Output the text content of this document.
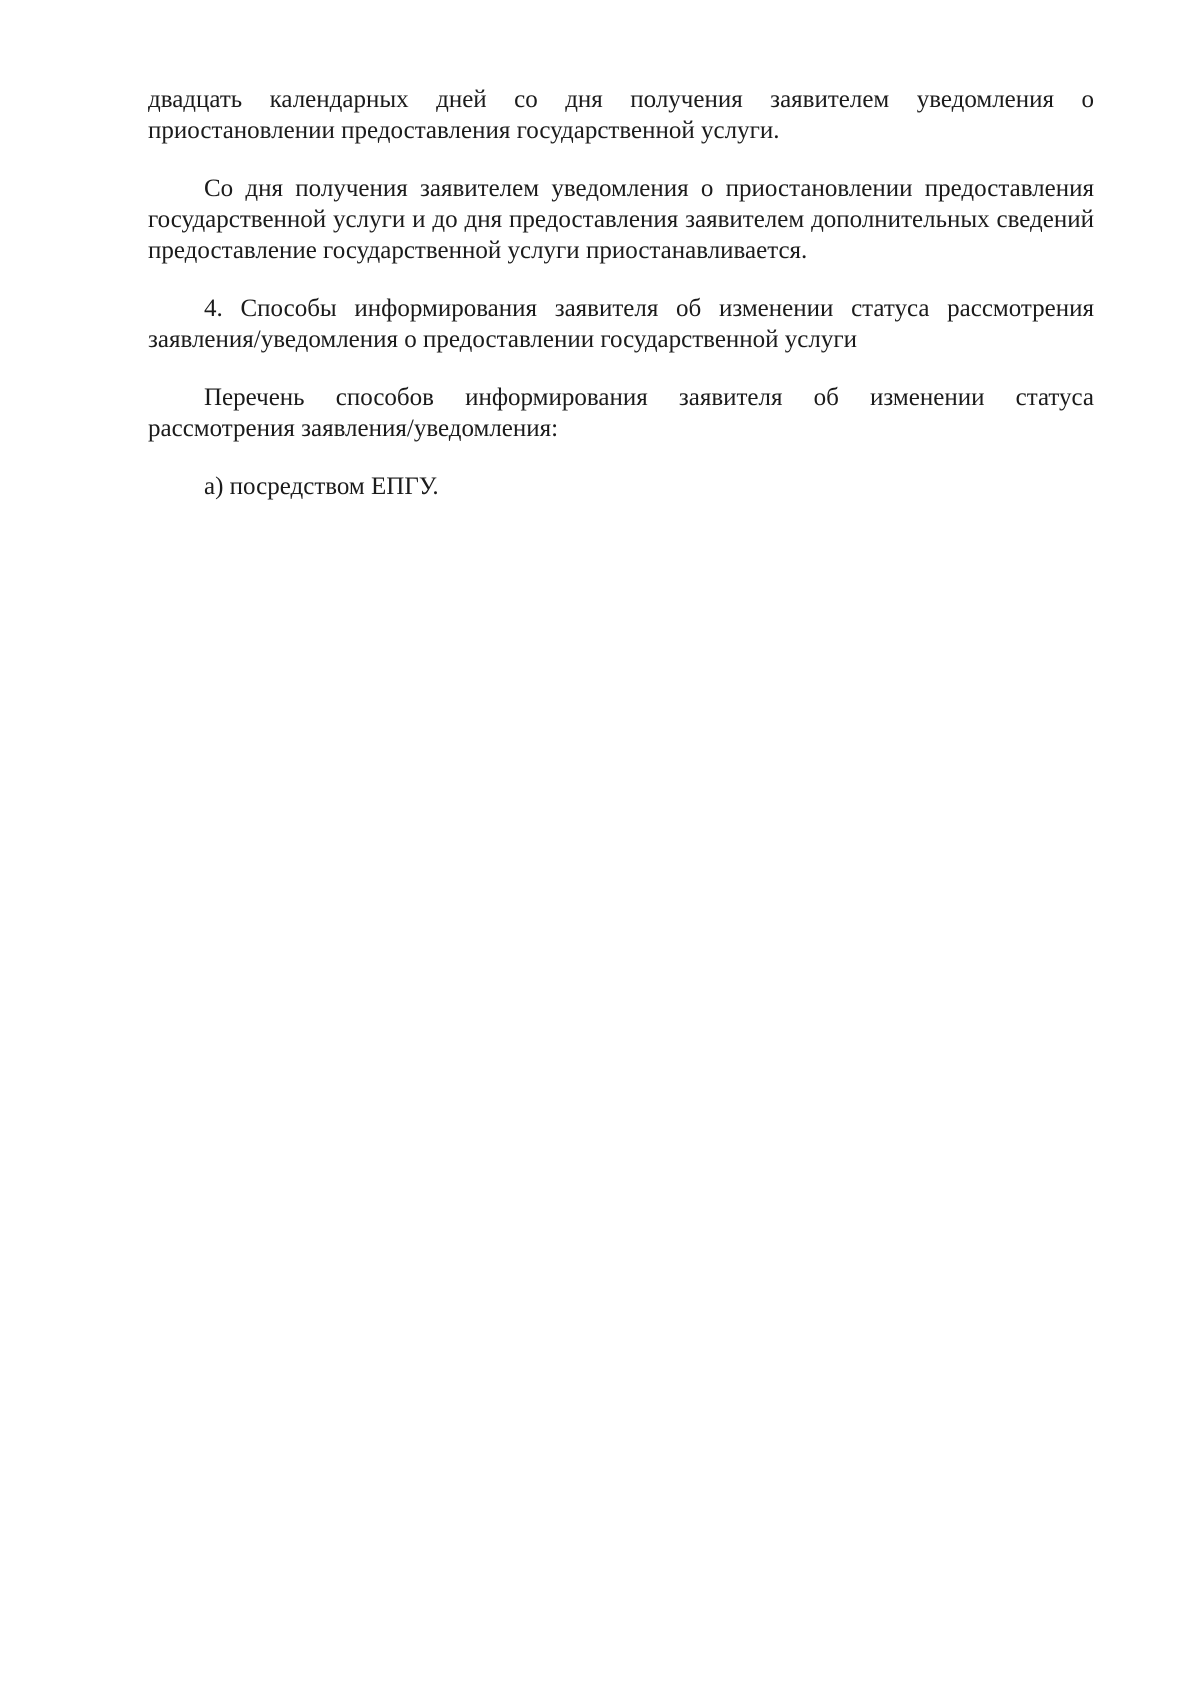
двадцать календарных дней со дня получения заявителем уведомления о приостановлении предоставления государственной услуги.

Со дня получения заявителем уведомления о приостановлении предоставления государственной услуги и до дня предоставления заявителем дополнительных сведений предоставление государственной услуги приостанавливается.

4. Способы информирования заявителя об изменении статуса рассмотрения заявления/уведомления о предоставлении государственной услуги

Перечень способов информирования заявителя об изменении статуса рассмотрения заявления/уведомления:

а) посредством ЕПГУ.
